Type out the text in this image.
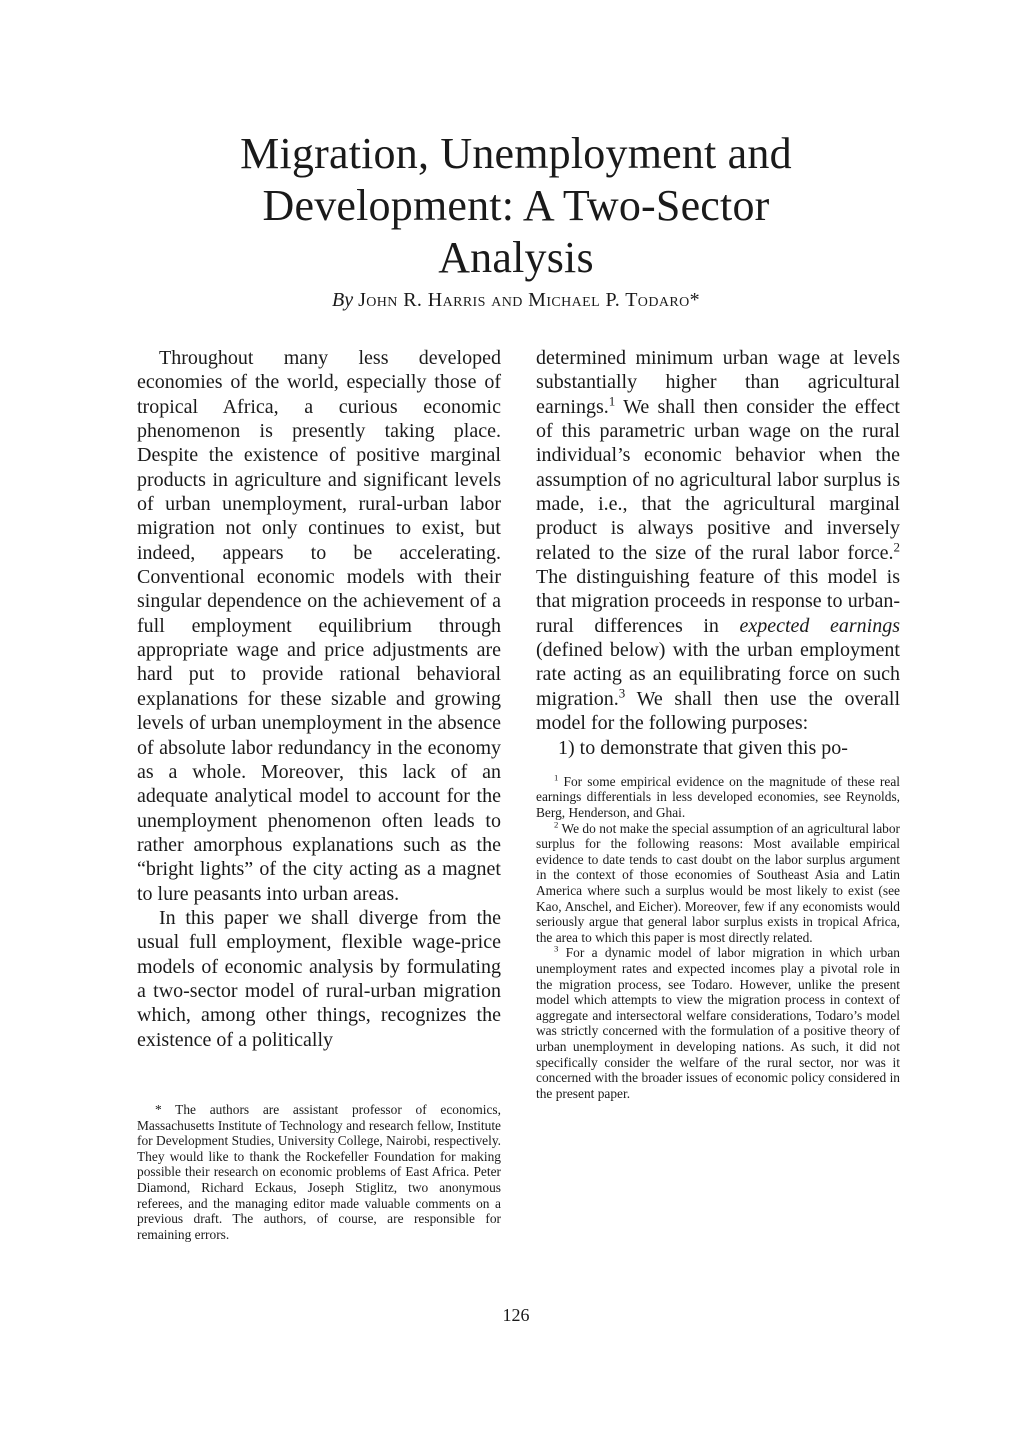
Migration, Unemployment and
Development: A Two-Sector
Analysis
By John R. Harris and Michael P. Todaro*

Throughout many less developed economies of the world, especially those of tropical Africa, a curious economic phenomenon is presently taking place. Despite the existence of positive marginal products in agriculture and significant levels of urban unemployment, rural-urban labor migration not only continues to exist, but indeed, appears to be accelerating. Conventional economic models with their singular dependence on the achievement of a full employment equilibrium through appropriate wage and price adjustments are hard put to provide rational behavioral explanations for these sizable and growing levels of urban unemployment in the absence of absolute labor redundancy in the economy as a whole. Moreover, this lack of an adequate analytical model to account for the unemployment phenomenon often leads to rather amorphous explanations such as the “bright lights” of the city acting as a magnet to lure peasants into urban areas.

In this paper we shall diverge from the usual full employment, flexible wage-price models of economic analysis by formulating a two-sector model of rural-urban migration which, among other things, recognizes the existence of a politically

* The authors are assistant professor of economics, Massachusetts Institute of Technology and research fellow, Institute for Development Studies, University College, Nairobi, respectively. They would like to thank the Rockefeller Foundation for making possible their research on economic problems of East Africa. Peter Diamond, Richard Eckaus, Joseph Stiglitz, two anonymous referees, and the managing editor made valuable comments on a previous draft. The authors, of course, are responsible for remaining errors.

determined minimum urban wage at levels substantially higher than agricultural earnings.$^1$ We shall then consider the effect of this parametric urban wage on the rural individual’s economic behavior when the assumption of no agricultural labor surplus is made, i.e., that the agricultural marginal product is always positive and inversely related to the size of the rural labor force.$^2$ The distinguishing feature of this model is that migration proceeds in response to urban-rural differences in expected earnings (defined below) with the urban employment rate acting as an equilibrating force on such migration.$^3$ We shall then use the overall model for the following purposes:

1) to demonstrate that given this po-

$^1$ For some empirical evidence on the magnitude of these real earnings differentials in less developed economies, see Reynolds, Berg, Henderson, and Ghai.

$^2$ We do not make the special assumption of an agricultural labor surplus for the following reasons: Most available empirical evidence to date tends to cast doubt on the labor surplus argument in the context of those economies of Southeast Asia and Latin America where such a surplus would be most likely to exist (see Kao, Anschel, and Eicher). Moreover, few if any economists would seriously argue that general labor surplus exists in tropical Africa, the area to which this paper is most directly related.

$^3$ For a dynamic model of labor migration in which urban unemployment rates and expected incomes play a pivotal role in the migration process, see Todaro. However, unlike the present model which attempts to view the migration process in context of aggregate and intersectoral welfare considerations, Todaro’s model was strictly concerned with the formulation of a positive theory of urban unemployment in developing nations. As such, it did not specifically consider the welfare of the rural sector, nor was it concerned with the broader issues of economic policy considered in the present paper.

126
